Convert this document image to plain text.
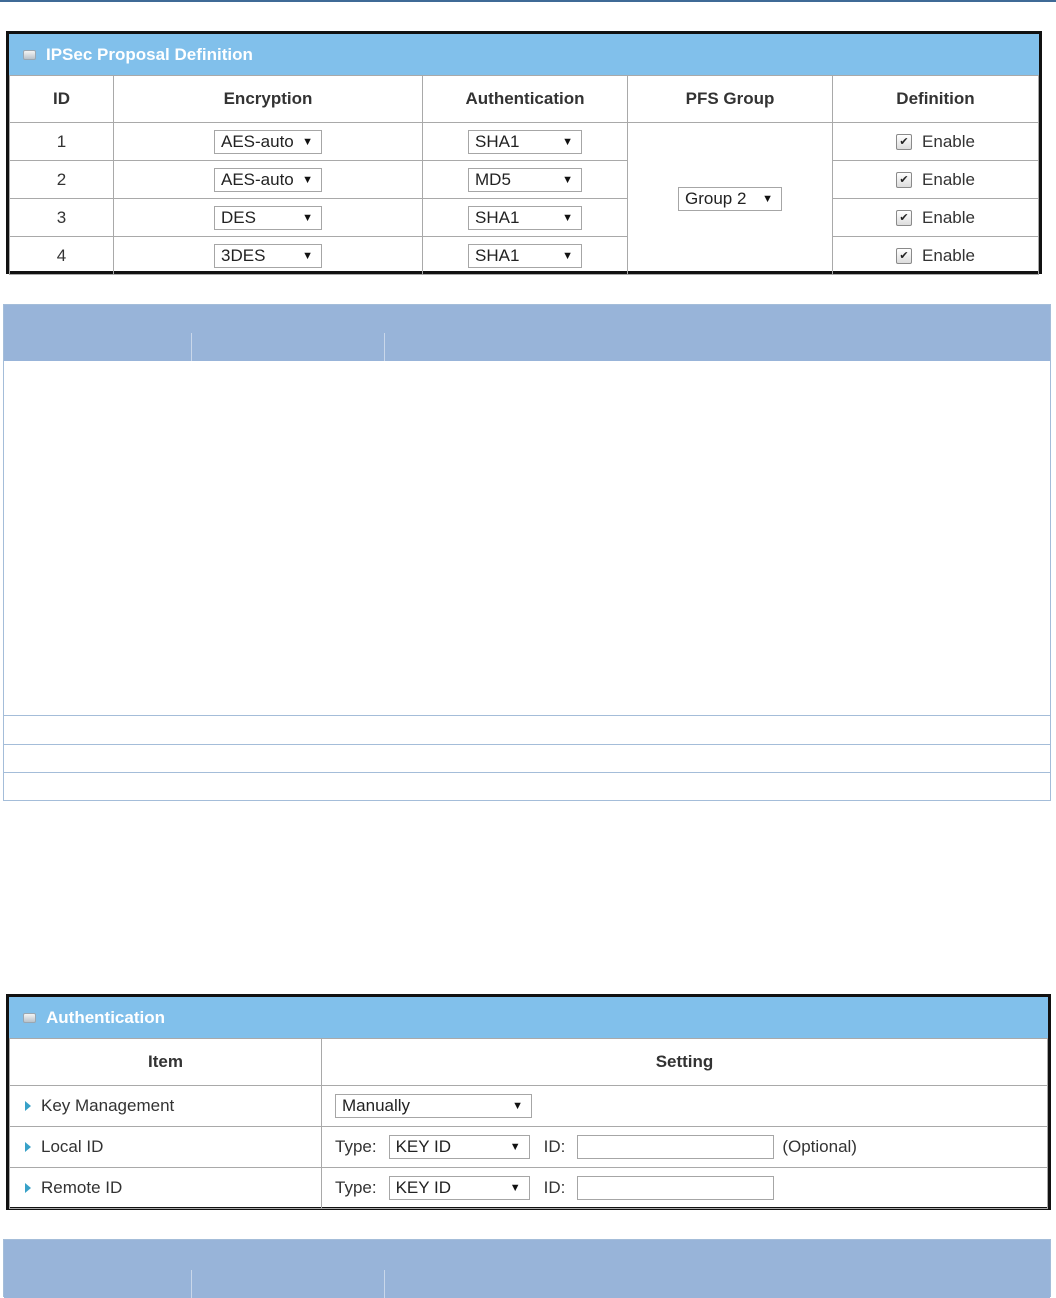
IPSec Proposal Definition
ID	Encryption	Authentication	PFS Group	Definition
1	AES-auto ▼	SHA1 ▼	Group 2 ▼	✔ Enable
2	AES-auto ▼	MD5 ▼		✔ Enable
3	DES ▼	SHA1 ▼		✔ Enable
4	3DES ▼	SHA1 ▼		✔ Enable
Authentication
Item	Setting

Key Management	Manually ▼

Local ID	Type: KEY ID ▼ ID: (Optional)

Remote ID	Type: KEY ID ▼ ID:
